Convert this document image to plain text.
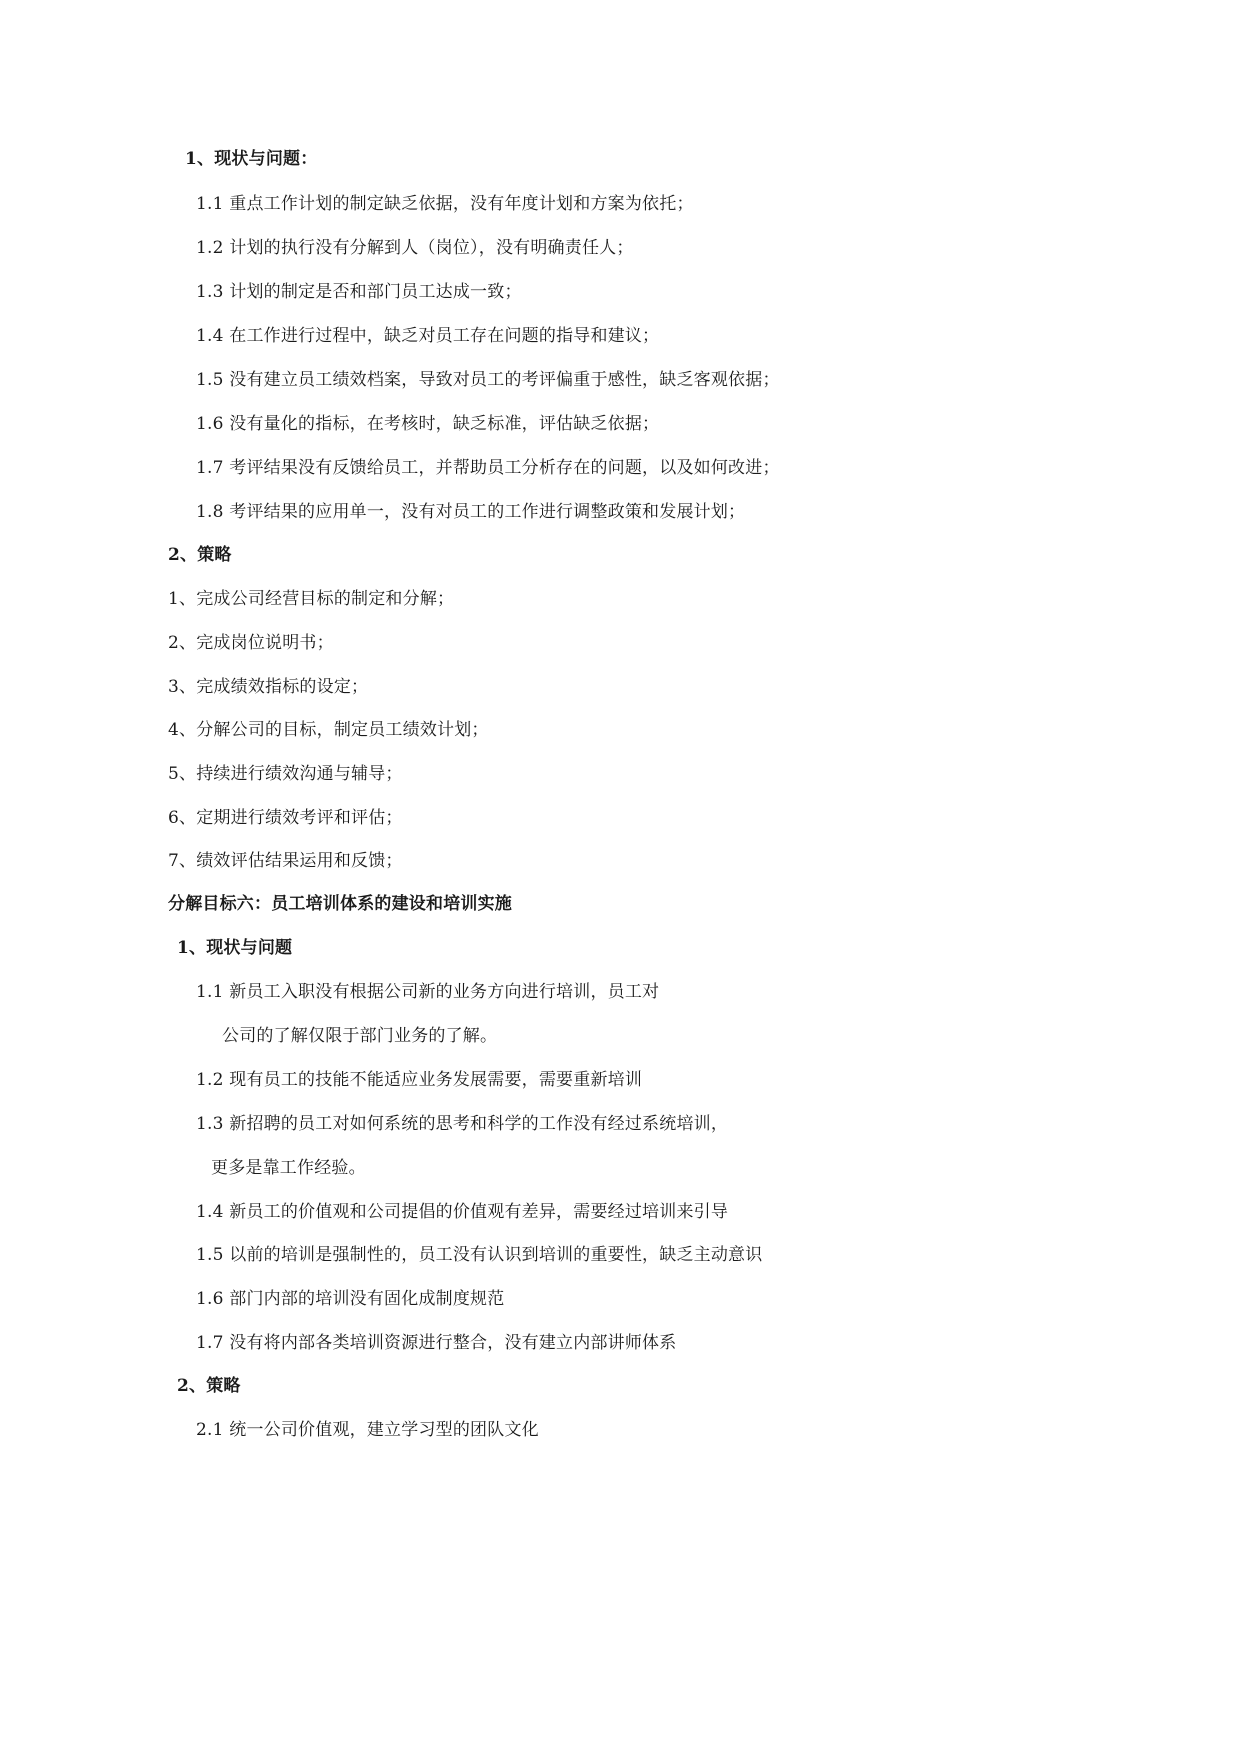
1、现状与问题：
1.1 重点工作计划的制定缺乏依据，没有年度计划和方案为依托；
1.2 计划的执行没有分解到人（岗位），没有明确责任人；
1.3 计划的制定是否和部门员工达成一致；
1.4 在工作进行过程中，缺乏对员工存在问题的指导和建议；
1.5 没有建立员工绩效档案，导致对员工的考评偏重于感性，缺乏客观依据；
1.6 没有量化的指标，在考核时，缺乏标准，评估缺乏依据；
1.7 考评结果没有反馈给员工，并帮助员工分析存在的问题，以及如何改进；
1.8 考评结果的应用单一，没有对员工的工作进行调整政策和发展计划；
2、策略
1、完成公司经营目标的制定和分解；
2、完成岗位说明书；
3、完成绩效指标的设定；
4、分解公司的目标，制定员工绩效计划；
5、持续进行绩效沟通与辅导；
6、定期进行绩效考评和评估；
7、绩效评估结果运用和反馈；
分解目标六：员工培训体系的建设和培训实施
1、现状与问题
1.1 新员工入职没有根据公司新的业务方向进行培训，员工对
公司的了解仅限于部门业务的了解。
1.2 现有员工的技能不能适应业务发展需要，需要重新培训
1.3 新招聘的员工对如何系统的思考和科学的工作没有经过系统培训，
更多是靠工作经验。
1.4 新员工的价值观和公司提倡的价值观有差异，需要经过培训来引导
1.5 以前的培训是强制性的，员工没有认识到培训的重要性，缺乏主动意识
1.6 部门内部的培训没有固化成制度规范
1.7 没有将内部各类培训资源进行整合，没有建立内部讲师体系
2、策略
2.1 统一公司价值观，建立学习型的团队文化
